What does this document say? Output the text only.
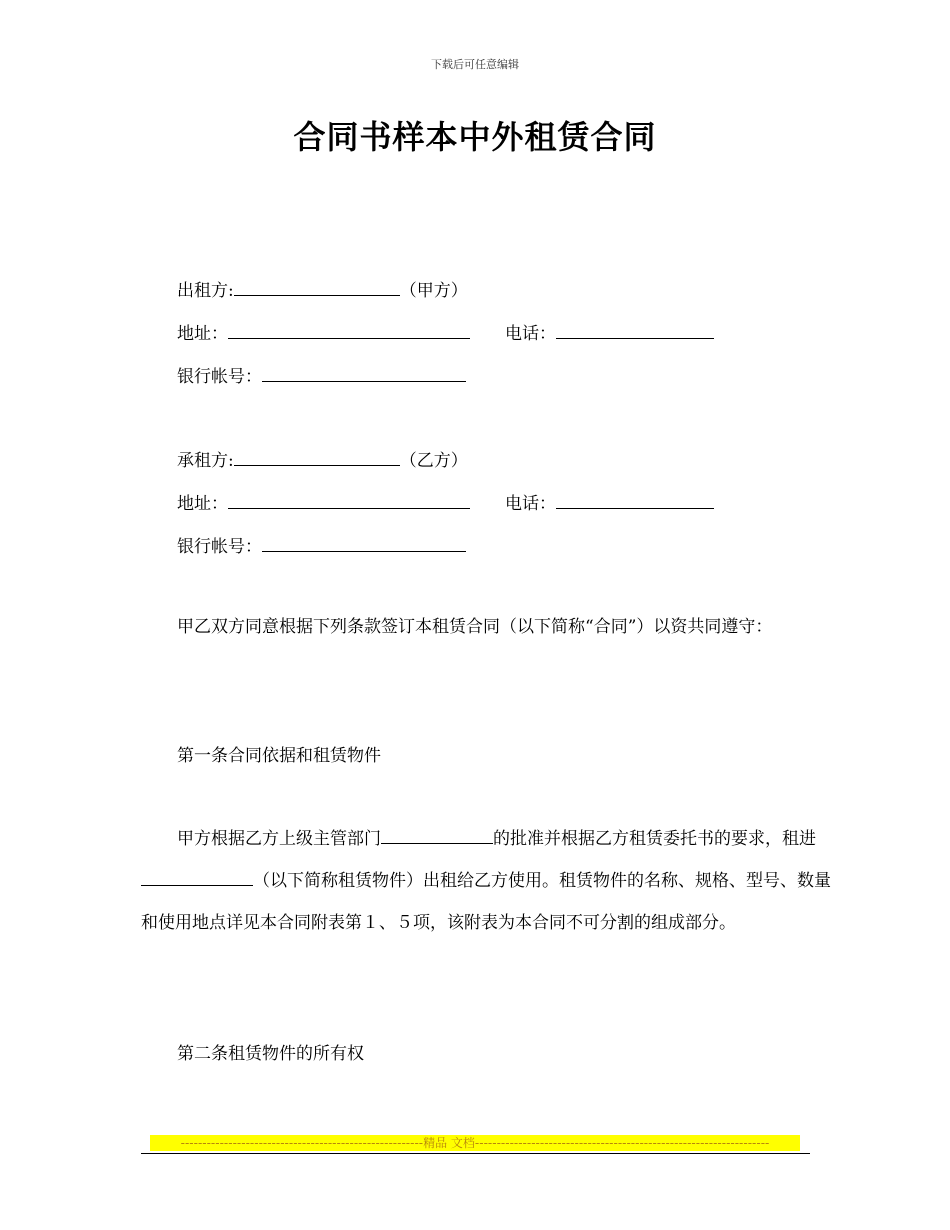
下载后可任意编辑
合同书样本中外租赁合同
出租方:	（甲方）
地址：	电话：
银行帐号：
承租方:	（乙方）
地址：	电话：
银行帐号：
甲乙双方同意根据下列条款签订本租赁合同（以下简称“合同”）以资共同遵守：
第一条合同依据和租赁物件
甲方根据乙方上级主管部门	的批准并根据乙方租赁委托书的要求，租进（以下简称租赁物件）出租给乙方使用。租赁物件的名称、规格、型号、数量和使用地点详见本合同附表第１、５项，该附表为本合同不可分割的组成部分。
第二条租赁物件的所有权
--------------------------------------------------------精品 文档--------------------------------------------------------------------
